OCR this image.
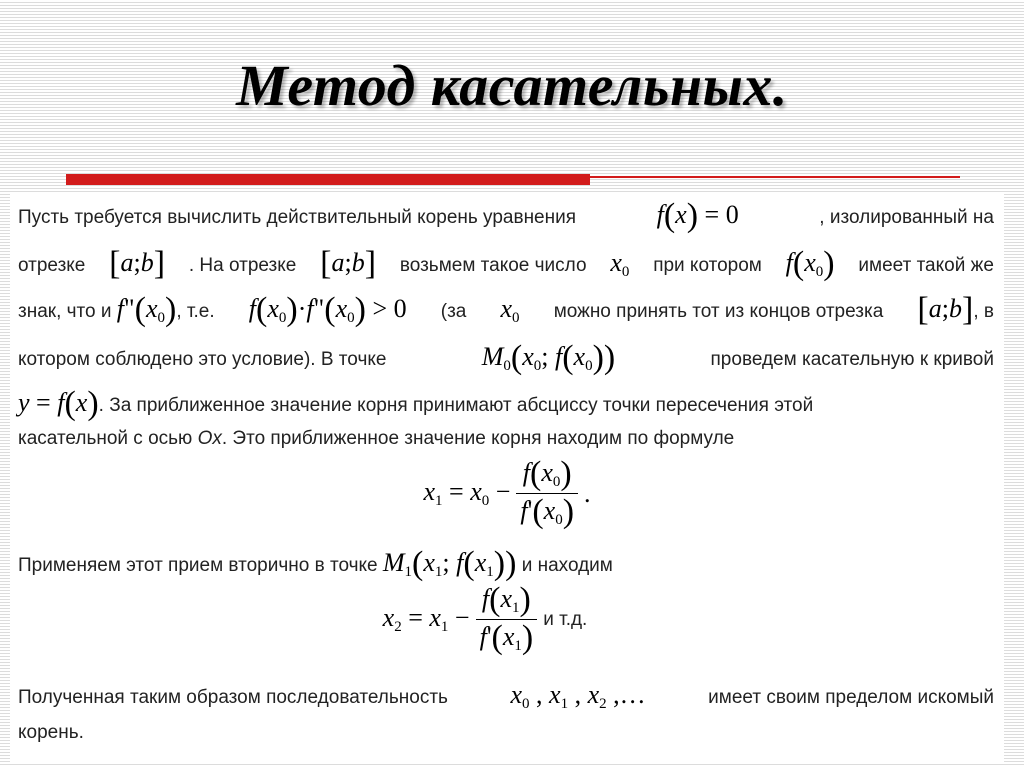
Метод касательных.
Пусть требуется вычислить действительный корень уравнения	f(x) = 0	, изолированный на
отрезке [a;b] . На отрезке [a;b] возьмем такое число $x_0$ при котором $f(x_0)$ имеет такой же
знак, что и $f"(x_0)$, т.е. $f(x_0)\cdot f"(x_0) > 0$ (за $x_0$ можно принять тот из концов отрезка [a;b], в
котором соблюдено это условие). В точке	$M_0(x_0$; $f(x_0)$)	проведем касательную к кривой
y = f(x). За приближенное значение корня принимают абсциссу точки пересечения этой
касательной с осью Ox. Это приближенное значение корня находим по формуле
$x_1 = x_0 - \frac{f(x_0)}{f'(x_0)}$ .
Применяем этот прием вторично в точке $M_1(x_1$; $f(x_1)$) и находим
$x_2 = x_1 - \frac{f(x_1)}{f'(x_1)}$ и т.д.
Полученная таким образом последовательность $x_0$ , $x_1$ , $x_2$ ,…	имеет своим пределом искомый
корень.
